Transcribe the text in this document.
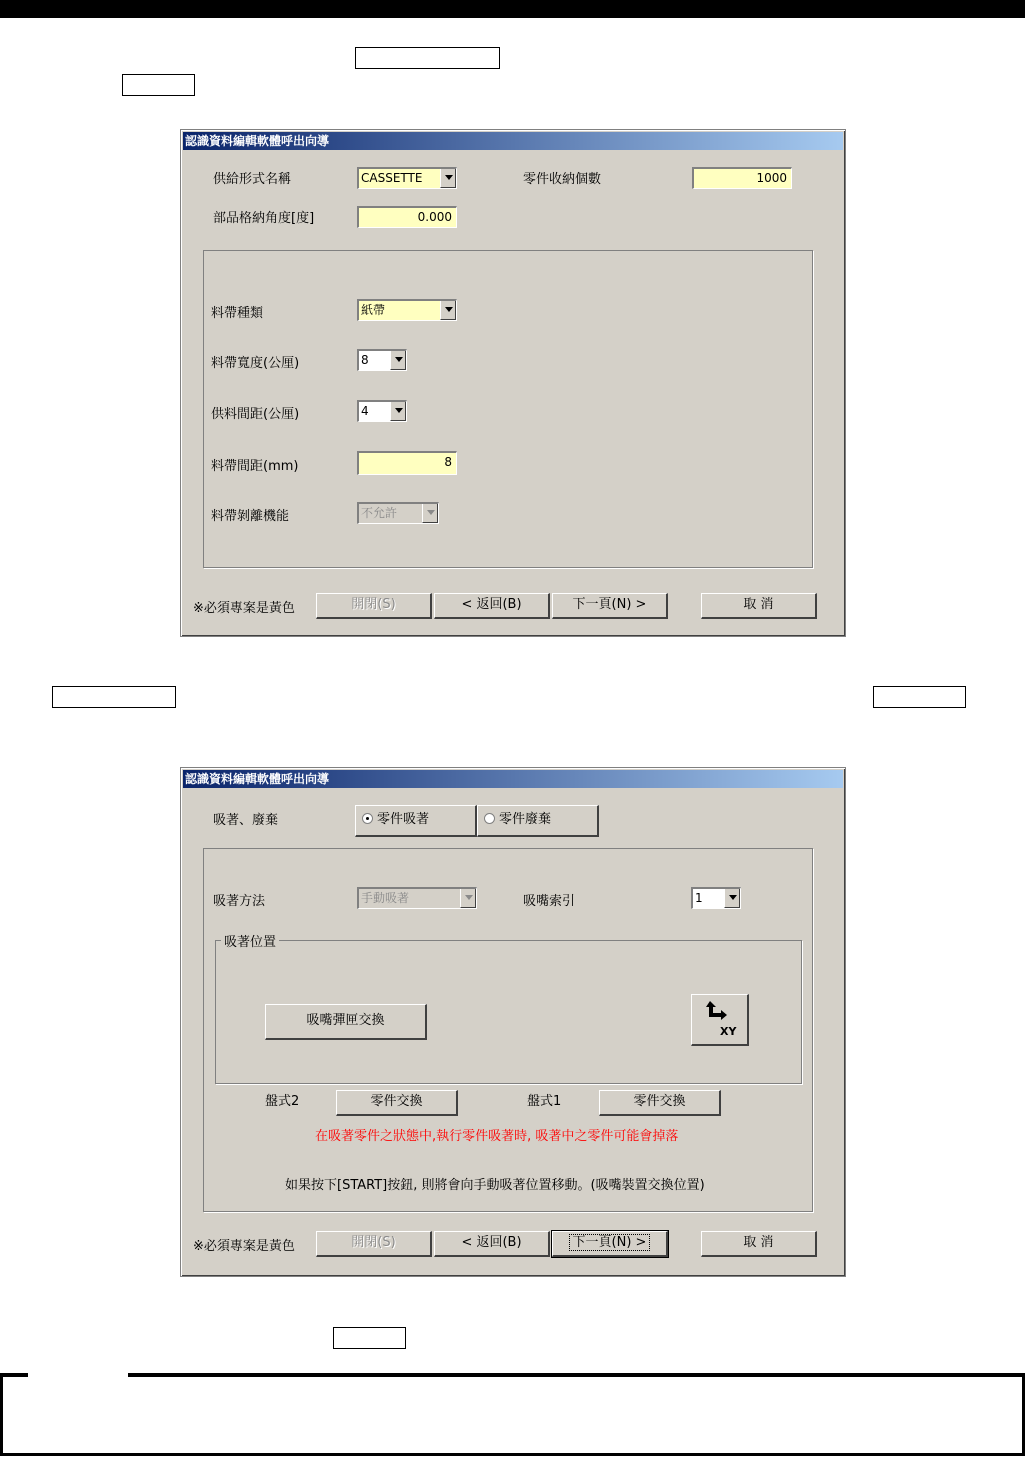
認識資料編輯軟體呼出向導
供給形式名稱	CASSETTE	零件收納個數	1000
部品格納角度[度]	0.000
料帶種類	紙帶
料帶寬度(公厘)	8
供料間距(公厘)	4
料帶間距(mm)	8
料帶剝離機能	不允許
※必須專案是黃色	開閉(S)	< 返回(B)	下一頁(N) >	取 消
認識資料編輯軟體呼出向導
吸著、廢棄	零件吸著	零件廢棄
吸著方法	手動吸著	吸嘴索引	1
吸著位置
吸嘴彈匣交換
XY
盤式2	零件交換	盤式1	零件交換
在吸著零件之狀態中,執行零件吸著時, 吸著中之零件可能會掉落
如果按下[START]按鈕, 則將會向手動吸著位置移動。(吸嘴裝置交換位置)
※必須專案是黃色	開閉(S)	< 返回(B)	下一頁(N) >	取 消
